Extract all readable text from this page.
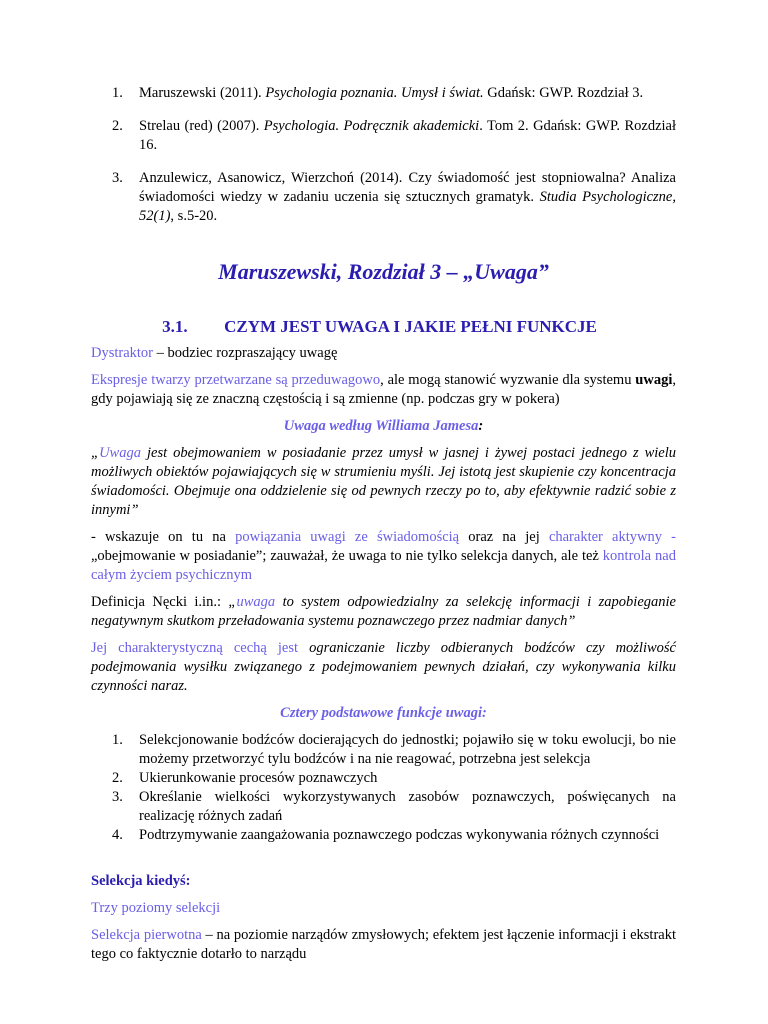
1. Maruszewski (2011). Psychologia poznania. Umysł i świat. Gdańsk: GWP. Rozdział 3.
2. Strelau (red) (2007). Psychologia. Podręcznik akademicki. Tom 2. Gdańsk: GWP. Rozdział 16.
3. Anzulewicz, Asanowicz, Wierzchoń (2014). Czy świadomość jest stopniowalna? Analiza świadomości wiedzy w zadaniu uczenia się sztucznych gramatyk. Studia Psychologiczne, 52(1), s.5-20.
Maruszewski, Rozdział 3 – „Uwaga”
3.1. CZYM JEST UWAGA I JAKIE PEŁNI FUNKCJE

Dystraktor – bodziec rozpraszający uwagę

Ekspresje twarzy przetwarzane są przeduwagowo, ale mogą stanowić wyzwanie dla systemu uwagi, gdy pojawiają się ze znaczną częstością i są zmienne (np. podczas gry w pokera)

Uwaga według Williama Jamesa:

„Uwaga jest obejmowaniem w posiadanie przez umysł w jasnej i żywej postaci jednego z wielu możliwych obiektów pojawiających się w strumieniu myśli. Jej istotą jest skupienie czy koncentracja świadomości. Obejmuje ona oddzielenie się od pewnych rzeczy po to, aby efektywnie radzić sobie z innymi”

- wskazuje on tu na powiązania uwagi ze świadomością oraz na jej charakter aktywny - „obejmowanie w posiadanie”; zauważał, że uwaga to nie tylko selekcja danych, ale też kontrola nad całym życiem psychicznym

Definicja Nęcki i.in.: „uwaga to system odpowiedzialny za selekcję informacji i zapobieganie negatywnym skutkom przeładowania systemu poznawczego przez nadmiar danych”

Jej charakterystyczną cechą jest ograniczanie liczby odbieranych bodźców czy możliwość podejmowania wysiłku związanego z podejmowaniem pewnych działań, czy wykonywania kilku czynności naraz.

Cztery podstawowe funkcje uwagi:
1. Selekcjonowanie bodźców docierających do jednostki; pojawiło się w toku ewolucji, bo nie możemy przetworzyć tylu bodźców i na nie reagować, potrzebna jest selekcja
2. Ukierunkowanie procesów poznawczych
3. Określanie wielkości wykorzystywanych zasobów poznawczych, poświęcanych na realizację różnych zadań
4. Podtrzymywanie zaangażowania poznawczego podczas wykonywania różnych czynności
Selekcja kiedyś:

Trzy poziomy selekcji

Selekcja pierwotna – na poziomie narządów zmysłowych; efektem jest łączenie informacji i ekstrakt tego co faktycznie dotarło to narządu
